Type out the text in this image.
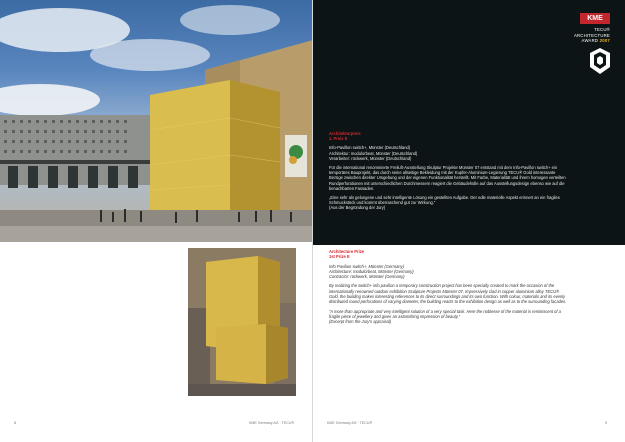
KME
TECU®
ARCHITECTURE
AWARD 2007
Architekturpreis
1. Preis E
Info-Pavillon switch+, Münster (Deutschland)
Architektur: modulorbeat, Münster (Deutschland)
Verarbeiter: rückwerk, Münster (Deutschland)
Für die international renommierte Freiluft-Ausstellung Skulptur Projekte Münster 07 entstand mit dem Info-Pavillon switch+ ein temporäres Bauprojekt, das durch seine allseitige Bekleidung mit der Kupfer-Aluminium-Legierung TECU® Gold interessante Bezüge zwischen direkter Umgebung und der eigenen Funktionalität herstellt. Mit Farbe, Materialität und ihrem homogen verteilten Rundperforationen mit unterschiedlichen Durchmessern reagiert die Gebäudehülle auf das Ausstellungsdesign ebenso wie auf die benachbarten Fassaden.
„Eine sehr als gelungene und sehr intelligente Lösung ein gestellten Aufgabe. Der edle materielle Aspekt erinnert an ein fragiles Schmuckstück und kommt überraschend gut zur Wirkung.“
(Aus der Begründung der Jury)
Architecture Prize
1st Prize E
Info Pavilion switch+, Münster (Germany)
Architecture: modulorbeat, Münster (Germany)
Contractor: rückwerk, Münster (Germany)
By realizing the switch+ info pavilion a temporary construction project has been specially created to mark the occasion of the internationally renowned outdoor exhibition Sculpture Projects Münster 07. Impressively clad in copper aluminium alloy TECU® Gold, the building makes interesting references to its direct surroundings and its own function. With colour, materials and its evenly distributed round perforations of varying diameter, the building reacts to the exhibition design as well as to the surrounding facades.
“A more than appropriate and very intelligent solution of a very special task. Here the noblesse of the material is reminiscent of a fragile piece of jewellery and gives an astonishing impression of beauty.”
(Excerpt from the Jury's appraisal)
8	KME Germany AG · TECU®	KME Germany AG · TECU®	9
